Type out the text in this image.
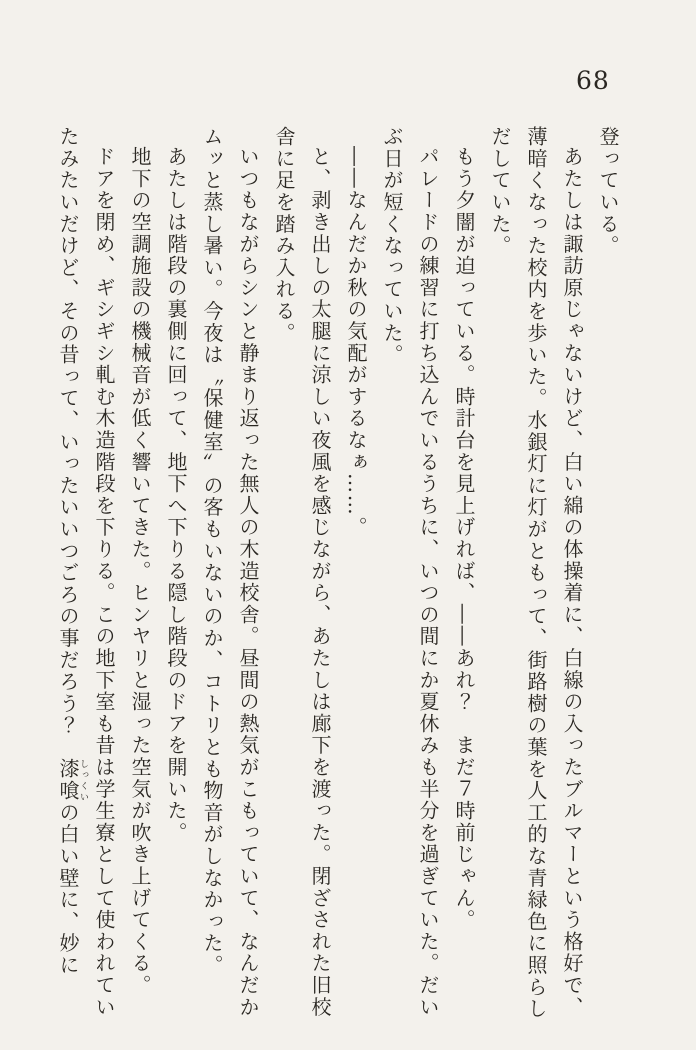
68

登っている。

あたしは諏訪原じゃないけど、白い綿の体操着に、白線の入ったブルマーという格好で、薄暗くなった校内を歩いた。水銀灯に灯がともって、街路樹の葉を人工的な青緑色に照らしだしていた。

もう夕闇が迫っている。時計台を見上げれば、――あれ？　まだ７時前じゃん。

パレードの練習に打ち込んでいるうちに、いつの間にか夏休みも半分を過ぎていた。だいぶ日が短くなっていた。

――なんだか秋の気配がするなぁ……。

と、剥き出しの太腿に涼しい夜風を感じながら、あたしは廊下を渡った。閉ざされた旧校舎に足を踏み入れる。

いつもながらシンと静まり返った無人の木造校舎。昼間の熱気がこもっていて、なんだかムッと蒸し暑い。今夜は〝保健室〞の客もいないのか、コトリとも物音がしなかった。

あたしは階段の裏側に回って、地下へ下りる隠し階段のドアを開いた。

地下の空調施設の機械音が低く響いてきた。ヒンヤリと湿った空気が吹き上げてくる。

ドアを閉め、ギシギシ軋む木造階段を下りる。この地下室も昔は学生寮として使われていたみたいだけど、その昔って、いったいいつごろの事だろう？　漆喰しっくいの白い壁に、妙に
